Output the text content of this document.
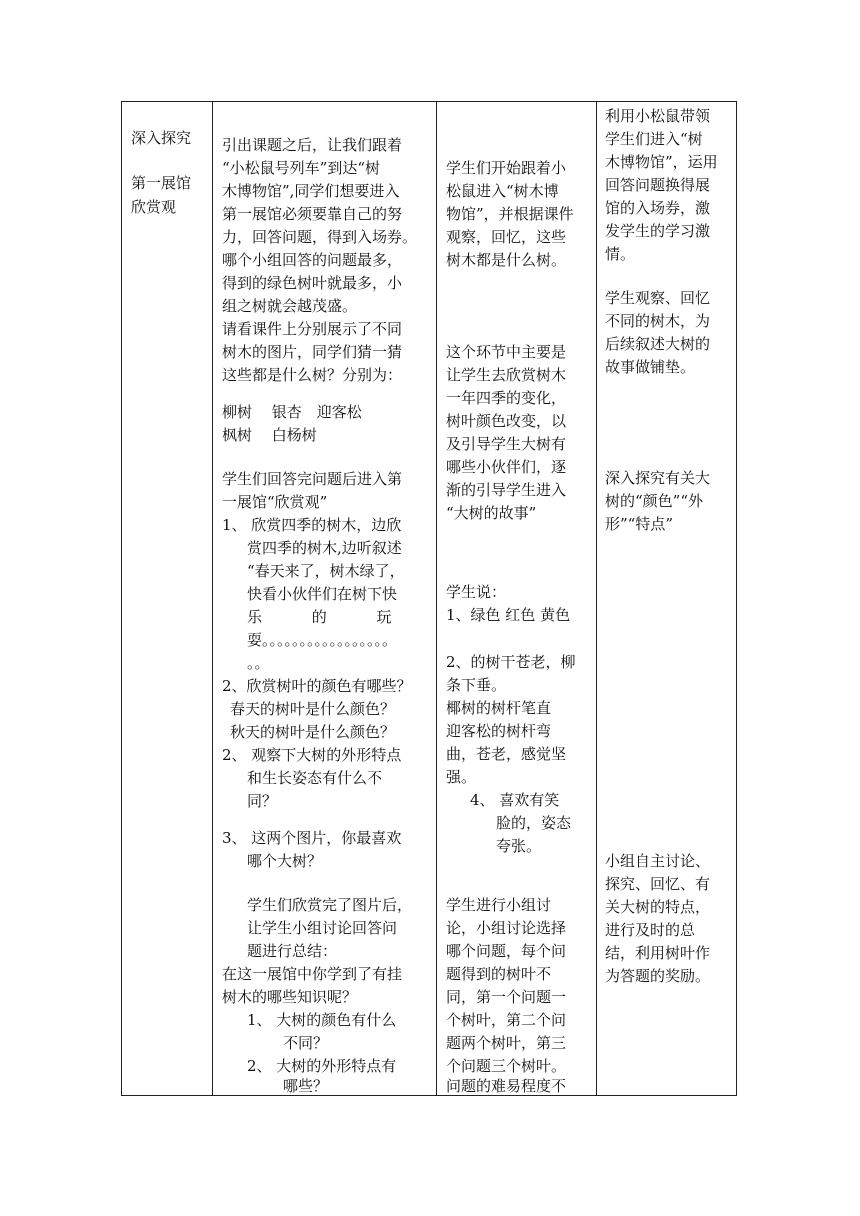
深入探究
第一展馆
欣赏观
引出课题之后，让我们跟着
“小松鼠号列车”到达“树
木博物馆”,同学们想要进入
第一展馆必须要靠自己的努
力，回答问题，得到入场券。
哪个小组回答的问题最多，
得到的绿色树叶就最多，小
组之树就会越茂盛。
请看课件上分别展示了不同
树木的图片，同学们猜一猜
这些都是什么树？分别为：
柳树　 银杏　迎客松
枫树　 白杨树
学生们回答完问题后进入第
一展馆“欣赏观”
1、 欣赏四季的树木，边欣
赏四季的树木,边听叙述
“春天来了，树木绿了，
快看小伙伴们在树下快
乐　　　 的　　　 玩
耍。。。。。。。。。。。。。。。。。
。。
2、欣赏树叶的颜色有哪些？
春天的树叶是什么颜色？
秋天的树叶是什么颜色？
2、 观察下大树的外形特点
和生长姿态有什么不
同？
3、 这两个图片，你最喜欢
哪个大树？
学生们欣赏完了图片后，
让学生小组讨论回答问
题进行总结：
在这一展馆中你学到了有挂
树木的哪些知识呢？
1、 大树的颜色有什么
不同？
2、 大树的外形特点有
哪些？
学生们开始跟着小
松鼠进入“树木博
物馆”，并根据课件
观察，回忆，这些
树木都是什么树。
这个环节中主要是
让学生去欣赏树木
一年四季的变化，
树叶颜色改变，以
及引导学生大树有
哪些小伙伴们，逐
渐的引导学生进入
“大树的故事”
学生说：
1、绿色 红色 黄色
2、的树干苍老，柳
条下垂。
椰树的树杆笔直
迎客松的树杆弯
曲，苍老，感觉坚
强。
4、 喜欢有笑
脸的，姿态
夸张。
学生进行小组讨
论，小组讨论选择
哪个问题，每个问
题得到的树叶不
同，第一个问题一
个树叶，第二个问
题两个树叶，第三
个问题三个树叶。
问题的难易程度不
利用小松鼠带领
学生们进入“树
木博物馆”，运用
回答问题换得展
馆的入场券，激
发学生的学习激
情。
学生观察、回忆
不同的树木，为
后续叙述大树的
故事做铺垫。
深入探究有关大
树的“颜色”“外
形”“特点”
小组自主讨论、
探究、回忆、有
关大树的特点，
进行及时的总
结，利用树叶作
为答题的奖励。
